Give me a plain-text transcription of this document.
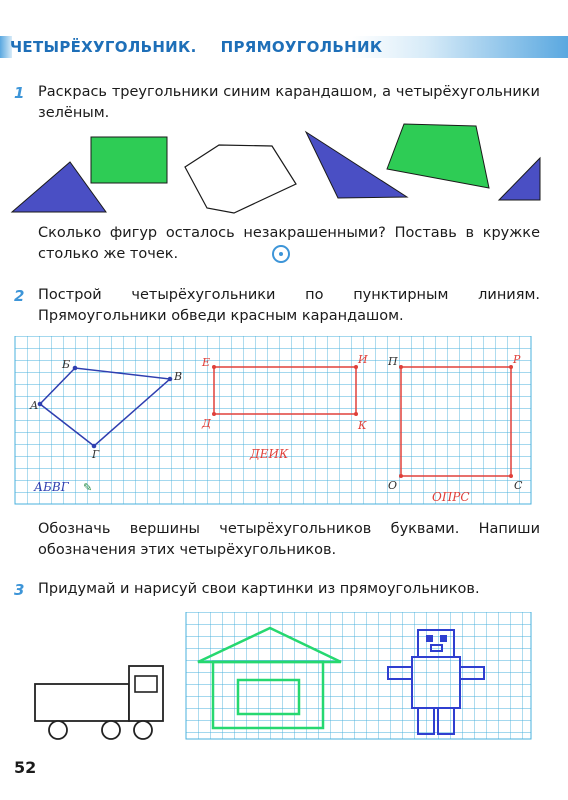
ЧЕТЫРЁХУГОЛЬНИК. ПРЯМОУГОЛЬНИК
1 Раскрась треугольники синим карандашом, а четырёхугольники зелёным.
Сколько фигур осталось незакрашенными? Поставь в кружке столько же точек.
2 Построй четырёхугольники по пунктирным линиям. Прямоугольники обведи красным карандашом.
А
Б
В
Г
АБВГ ✎
Е	И
Д	К
ДЕИК
П	Р
О	С
ОПРС
Обозначь вершины четырёхугольников буквами. Напиши обозначения этих четырёхугольников.
3 Придумай и нарисуй свои картинки из прямоугольников.
52
